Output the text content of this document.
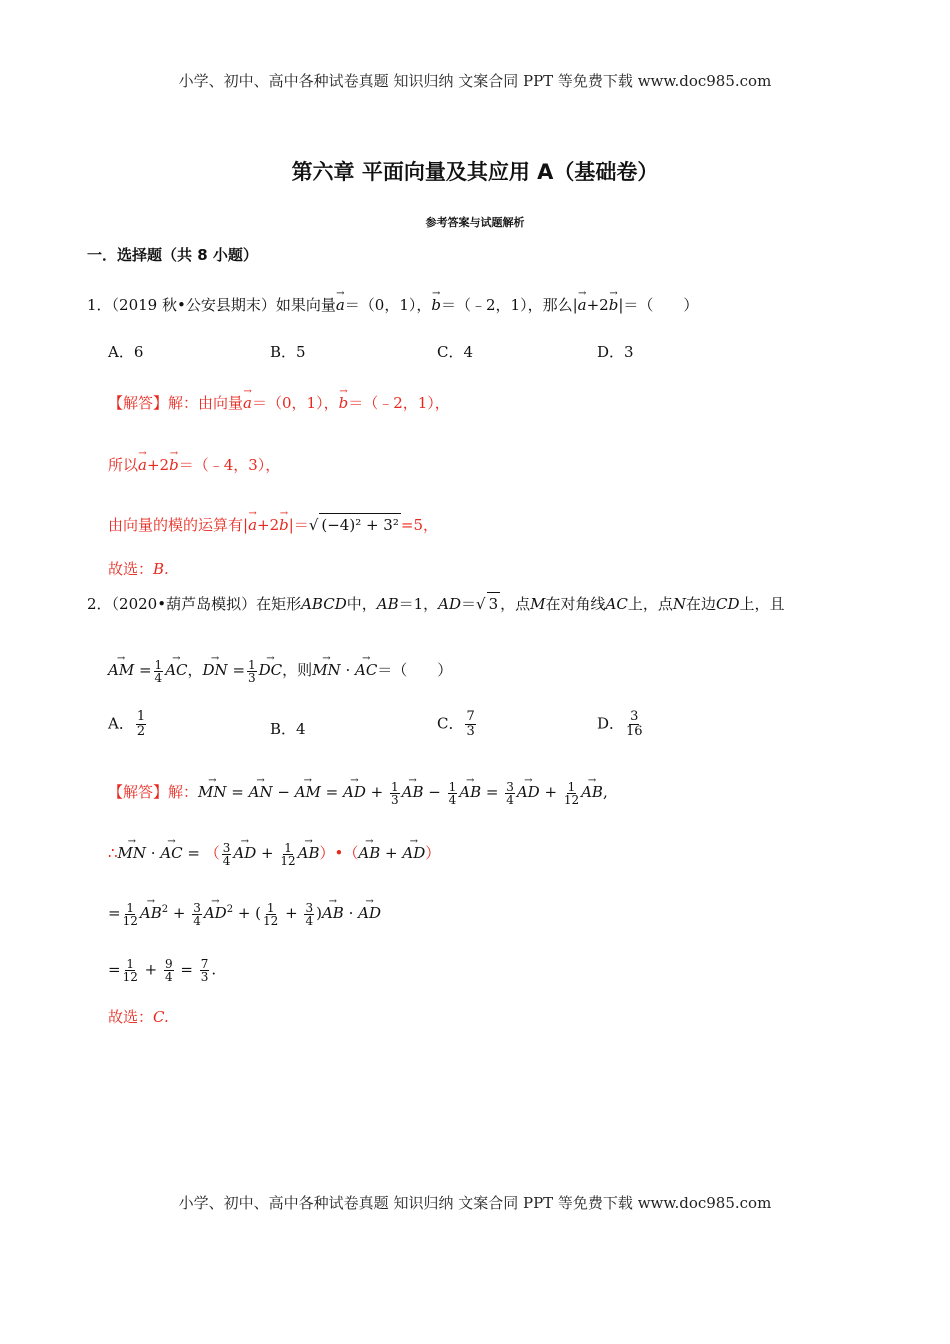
小学、初中、高中各种试卷真题 知识归纳 文案合同 PPT 等免费下载 www.doc985.com
小学、初中、高中各种试卷真题 知识归纳 文案合同 PPT 等免费下载 www.doc985.com
第六章 平面向量及其应用 A（基础卷）
参考答案与试题解析
一．选择题（共 8 小题）
1．（2019 秋•公安县期末）如果向量→ a＝（0，1），→ b＝（﹣2，1），那么|→ a+2→ b|＝（　　）
A．6	B．5	C．4	D．3
【解答】解：由向量→ a＝（0，1），→ b＝（﹣2，1），
所以→ a+2→ b＝（﹣4，3），
由向量的模的运算有|→ a+2→ b|＝√ (−4)² + 3² =5，
故选：B.
2．（2020•葫芦岛模拟）在矩形ABCD中，AB＝1，AD＝√ 3 ，点M在对角线AC上，点N在边CD上，且
→ AM = $\frac{1}{4}$
→ AC，→ DN = $\frac{1}{3}$
→ DC，则→ MN · → AC＝（　　）
A． $\frac{1}{2}$	B．4	C． $\frac{7}{3}$	D． $\frac{3}{16}$
【解答】解：→ MN = → AN − → AM = → AD + $\frac{1}{3}$
→ AB − $\frac{1}{4}$
→ AB = $\frac{3}{4}$
→ AD + $\frac{1}{12}$
→ AB,
∴→ MN · → AC = （ $\frac{3}{4}$
→ AD + $\frac{1}{12}$
→ AB）•（→ AB + → AD）
= $\frac{1}{12}$
→ $AB^2 + \frac{3}{4}$
→ $AD^2$ + ( $\frac{1}{12} + \frac{3}{4}$ )→ AB · → AD
= $\frac{1}{12} + \frac{9}{4} = \frac{7}{3}$ .
故选：C.
